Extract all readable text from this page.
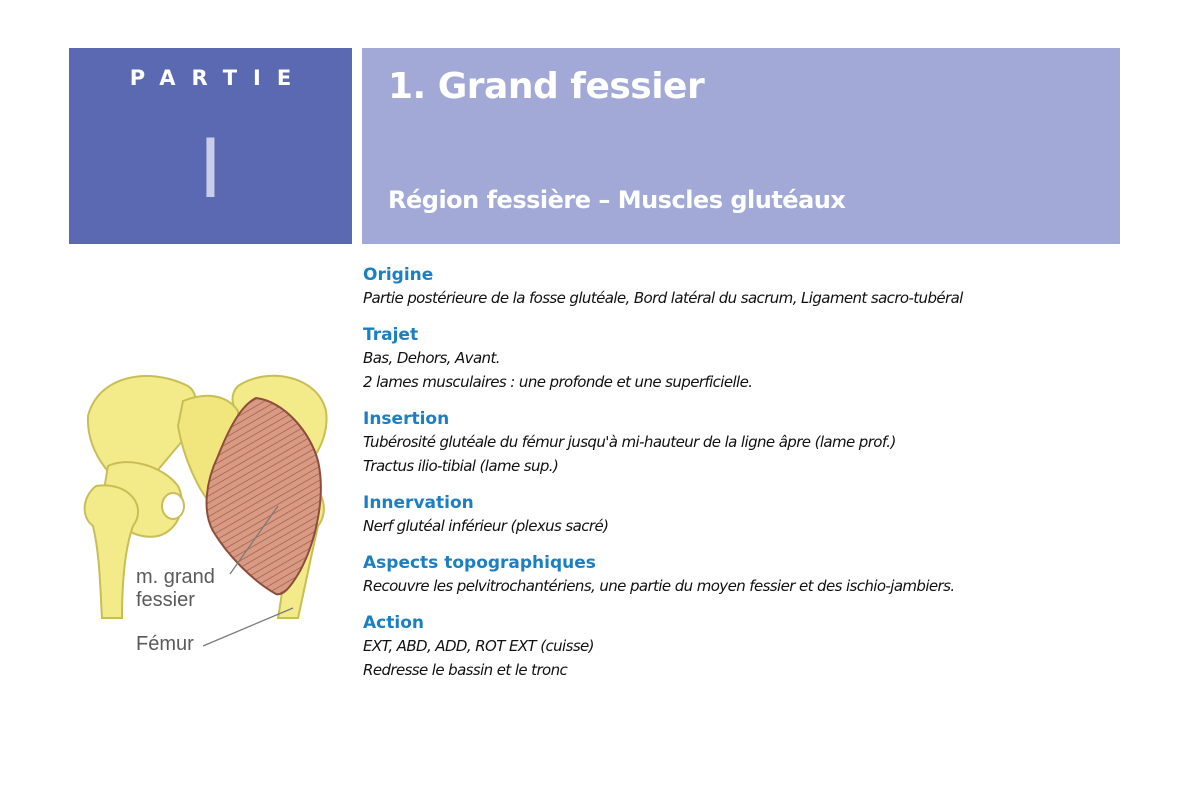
PARTIE
I
1. Grand fessier
Région fessière – Muscles glutéaux
m. grand
fessier
Fémur
Origine
Partie postérieure de la fosse glutéale, Bord latéral du sacrum, Ligament sacro-tubéral
Trajet
Bas, Dehors, Avant.
2 lames musculaires : une profonde et une superficielle.
Insertion
Tubérosité glutéale du fémur jusqu'à mi-hauteur de la ligne âpre (lame prof.)
Tractus ilio-tibial (lame sup.)
Innervation
Nerf glutéal inférieur (plexus sacré)
Aspects topographiques
Recouvre les pelvitrochantériens, une partie du moyen fessier et des ischio-jambiers.
Action
EXT, ABD, ADD, ROT EXT (cuisse)
Redresse le bassin et le tronc
